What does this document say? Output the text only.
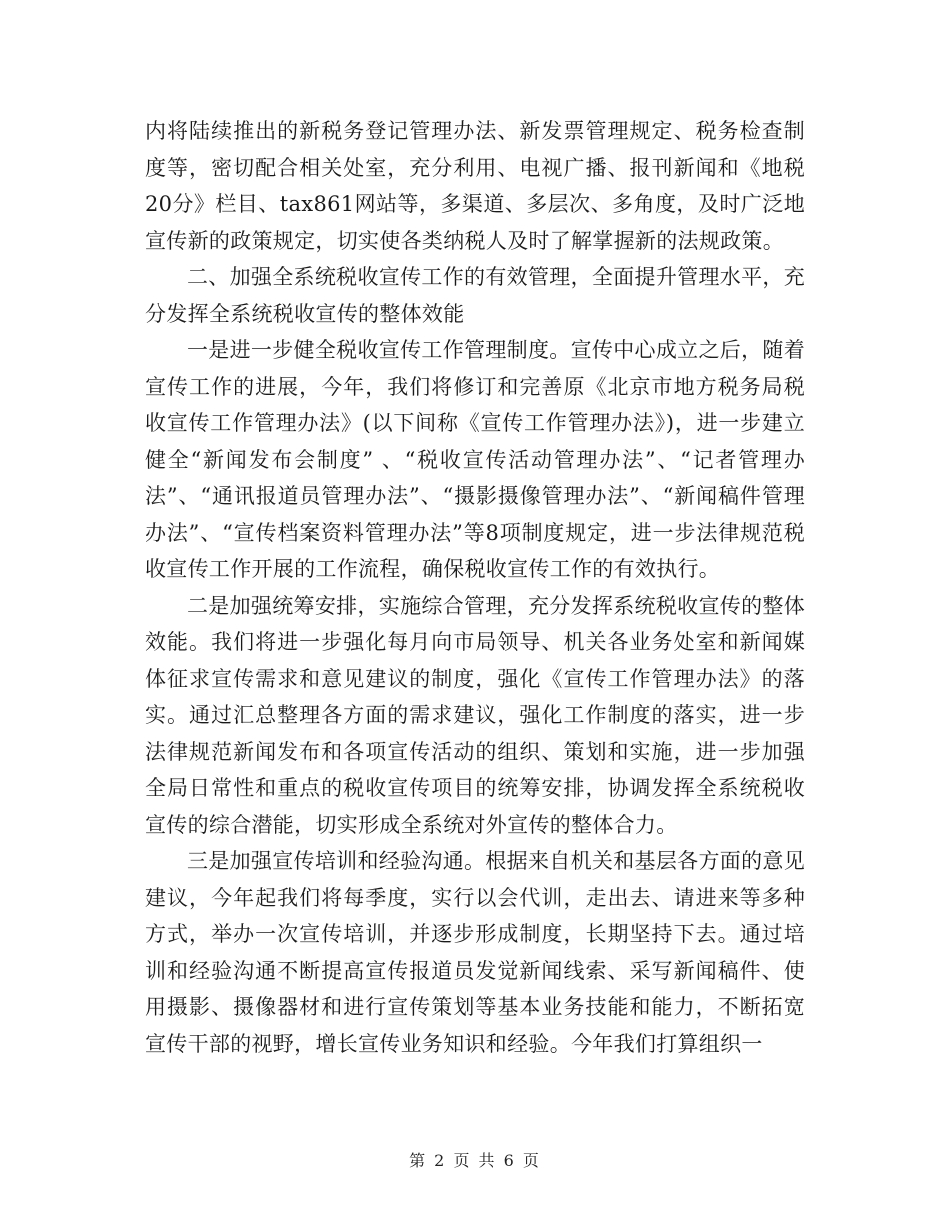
内将陆续推出的新税务登记管理办法、新发票管理规定、税务检查制度等，密切配合相关处室，充分利用、电视广播、报刊新闻和《地税20分》栏目、tax861网站等，多渠道、多层次、多角度，及时广泛地宣传新的政策规定，切实使各类纳税人及时了解掌握新的法规政策。

二、加强全系统税收宣传工作的有效管理，全面提升管理水平，充分发挥全系统税收宣传的整体效能

一是进一步健全税收宣传工作管理制度。宣传中心成立之后，随着宣传工作的进展，今年，我们将修订和完善原《北京市地方税务局税收宣传工作管理办法》(以下间称《宣传工作管理办法》)，进一步建立健全“新闻发布会制度” 、“税收宣传活动管理办法”、“记者管理办法”、“通讯报道员管理办法”、“摄影摄像管理办法”、“新闻稿件管理办法”、“宣传档案资料管理办法”等8项制度规定，进一步法律规范税收宣传工作开展的工作流程，确保税收宣传工作的有效执行。

二是加强统筹安排，实施综合管理，充分发挥系统税收宣传的整体效能。我们将进一步强化每月向市局领导、机关各业务处室和新闻媒体征求宣传需求和意见建议的制度，强化《宣传工作管理办法》的落实。通过汇总整理各方面的需求建议，强化工作制度的落实，进一步法律规范新闻发布和各项宣传活动的组织、策划和实施，进一步加强全局日常性和重点的税收宣传项目的统筹安排，协调发挥全系统税收宣传的综合潜能，切实形成全系统对外宣传的整体合力。

三是加强宣传培训和经验沟通。根据来自机关和基层各方面的意见建议，今年起我们将每季度，实行以会代训，走出去、请进来等多种方式，举办一次宣传培训，并逐步形成制度，长期坚持下去。通过培训和经验沟通不断提高宣传报道员发觉新闻线索、采写新闻稿件、使用摄影、摄像器材和进行宣传策划等基本业务技能和能力，不断拓宽宣传干部的视野，增长宣传业务知识和经验。今年我们打算组织一

第 2 页 共 6 页
